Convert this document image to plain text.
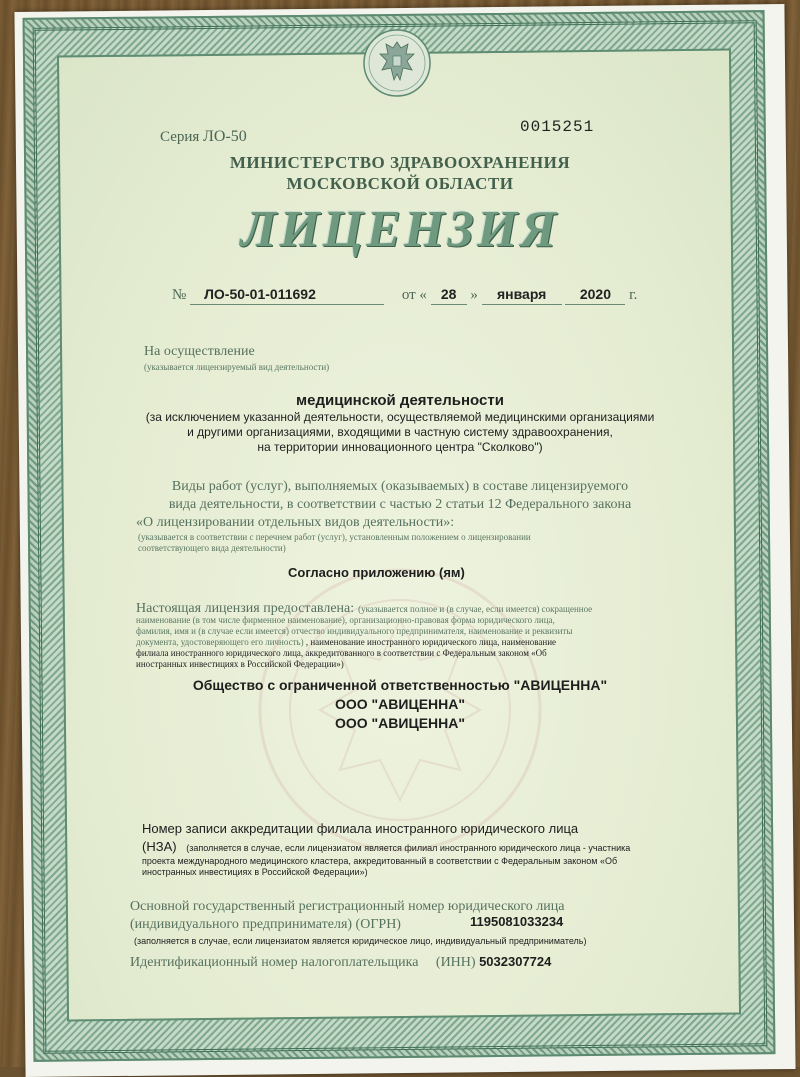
Серия ЛО-50
0015251
МИНИСТЕРСТВО ЗДРАВООХРАНЕНИЯ
МОСКОВСКОЙ ОБЛАСТИ
ЛИЦЕНЗИЯ
№ ЛО-50-01-011692	от « 28 » января 2020 г.
На осуществление
(указывается лицензируемый вид деятельности)
медицинской деятельности
(за исключением указанной деятельности, осуществляемой медицинскими организациями
и другими организациями, входящими в частную систему здравоохранения,
на территории инновационного центра "Сколково")
Виды работ (услуг), выполняемых (оказываемых) в составе лицензируемого
вида деятельности, в соответствии с частью 2 статьи 12 Федерального закона
«О лицензировании отдельных видов деятельности»:
(указывается в соответствии с перечнем работ (услуг), установленным положением о лицензировании
соответствующего вида деятельности)
Согласно приложению (ям)
Настоящая лицензия предоставлена: (указывается полное и (в случае, если имеется) сокращенное
наименование (в том числе фирменное наименование), организационно-правовая форма юридического лица,
фамилия, имя и (в случае если имеется) отчество индивидуального предпринимателя, наименование и реквизиты
документа, удостоверяющего его личность) , наименование иностранного юридического лица, наименование
филиала иностранного юридического лица, аккредитованного в соответствии с Федеральным законом «Об
иностранных инвестициях в Российской Федерации»)
Общество с ограниченной ответственностью "АВИЦЕННА"
ООО "АВИЦЕННА"
ООО "АВИЦЕННА"
Номер записи аккредитации филиала иностранного юридического лица
(НЗА) (заполняется в случае, если лицензиатом является филиал иностранного юридического лица - участника
проекта международного медицинского кластера, аккредитованный в соответствии с Федеральным законом «Об
иностранных инвестициях в Российской Федерации»)
Основной государственный регистрационный номер юридического лица
(индивидуального предпринимателя) (ОГРН)	1195081033234
(заполняется в случае, если лицензиатом является юридическое лицо, индивидуальный предприниматель)
Идентификационный номер налогоплательщика (ИНН) 5032307724
